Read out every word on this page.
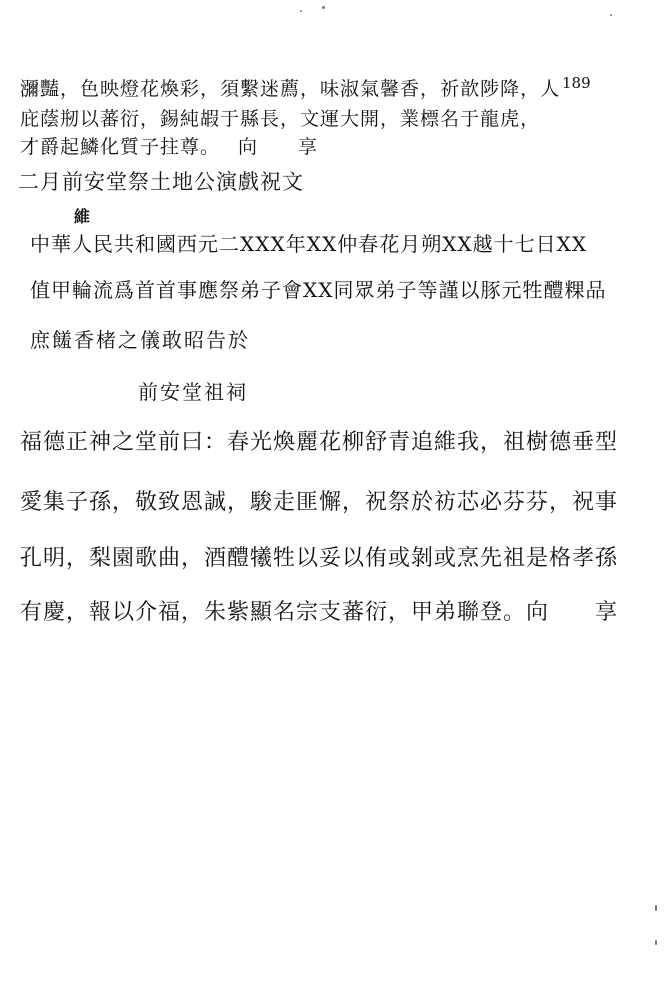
189
二月前安堂祭土地公演戲祝文
維
中華人民共和國西元二XXX年XX仲春花月朔XX越十七日XX
值甲輪流爲首首事應祭弟子會XX同眾弟子等謹以豚元牲醴粿品
庶饈香楮之儀敢昭告於
前安堂祖祠
福德正神之堂前曰：春光煥麗花柳舒青追維我，祖樹德垂型
愛集子孫，敬致恩誠，駿走匪懈，祝祭於祊芯必芬芬，祝事
孔明，梨園歌曲，酒醴犧牲以妥以侑或剝或烹先祖是格孝孫
有慶，報以介福，朱紫顯名宗支蕃衍，甲弟聯登。向　　享
瀰豔，色映燈花煥彩，須繫迷薦，味淑氣馨香，祈歆陟降，人
庇蔭剏以蕃衍，錫純嘏于縣長，文運大開，業標名于龍虎，
才爵起鱗化質子拄尊。 向 享
